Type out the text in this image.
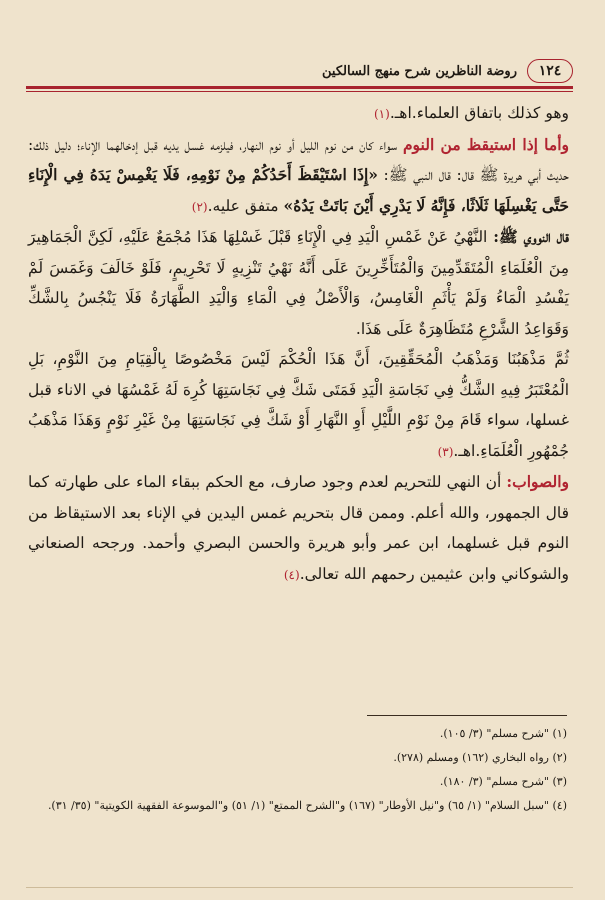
١٢٤
روضة الناظرين شرح منهج السالكين

وهو كذلك باتفاق العلماء.اهـ.(١)

وأما إذا استيقظ من النوم سواء كان من نوم الليل أو نوم النهار، فيلزمه غسل يديه قبل إدخالهما الإناء؛ دليل ذلك: حديث أبي هريرة ﷺ قال: قال النبي ﷺ: «إِذَا اسْتَيْقَظَ أَحَدُكُمْ مِنْ نَوْمِهِ، فَلَا يَغْمِسْ يَدَهُ فِي الْإِنَاءِ حَتَّى يَغْسِلَهَا ثَلَاثًا، فَإِنَّهُ لَا يَدْرِي أَيْنَ بَاتَتْ يَدُهُ» متفق عليه.(٢)

قال النووي ﷺ: النَّهْيُ عَنْ غَمْسِ الْيَدِ فِي الْإِنَاءِ قَبْلَ غَسْلِهَا هَذَا مُجْمَعٌ عَلَيْهِ، لَكِنَّ الْجَمَاهِيرَ مِنَ الْعُلَمَاءِ الْمُتَقَدِّمِينَ وَالْمُتَأَخِّرِينَ عَلَى أَنَّهُ نَهْيُ تَنْزِيهٍ لَا تَحْرِيمٍ، فَلَوْ خَالَفَ وَغَمَسَ لَمْ يَفْسُدِ الْمَاءُ وَلَمْ يَأْثَمِ الْغَامِسُ، وَالْأَصْلُ فِي الْمَاءِ وَالْيَدِ الطَّهَارَةُ فَلَا يَنْجُسُ بِالشَّكِّ وَقَوَاعِدُ الشَّرْعِ مُتَظَاهِرَةٌ عَلَى هَذَا.

ثُمَّ مَذْهَبُنَا وَمَذْهَبُ الْمُحَقِّقِينَ، أَنَّ هَذَا الْحُكْمَ لَيْسَ مَخْصُوصًا بِالْقِيَامِ مِنَ النَّوْمِ، بَلِ الْمُعْتَبَرُ فِيهِ الشَّكُّ فِي نَجَاسَةِ الْيَدِ فَمَتَى شَكَّ فِي نَجَاسَتِهَا كُرِهَ لَهُ غَمْسُهَا في الاناء قبل غسلها، سواء قَامَ مِنْ نَوْمِ اللَّيْلِ أَوِ النَّهَارِ أَوْ شَكَّ فِي نَجَاسَتِهَا مِنْ غَيْرِ نَوْمٍ وَهَذَا مَذْهَبُ جُمْهُورِ الْعُلَمَاءِ.اهـ.(٣)

والصواب: أن النهي للتحريم لعدم وجود صارف، مع الحكم ببقاء الماء على طهارته كما قال الجمهور، والله أعلم. وممن قال بتحريم غمس اليدين في الإناء بعد الاستيقاظ من النوم قبل غسلهما، ابن عمر وأبو هريرة والحسن البصري وأحمد. ورجحه الصنعاني والشوكاني وابن عثيمين رحمهم الله تعالى.(٤)

(١) "شرح مسلم" (٣/ ١٠٥).

(٢) رواه البخاري (١٦٢) ومسلم (٢٧٨).

(٣) "شرح مسلم" (٣/ ١٨٠).

(٤) "سبل السلام" (١/ ٦٥) و"نيل الأوطار" (١٦٧) و"الشرح الممتع" (١/ ٥١) و"الموسوعة الفقهية الكويتية" (٣٥/ ٣١).
